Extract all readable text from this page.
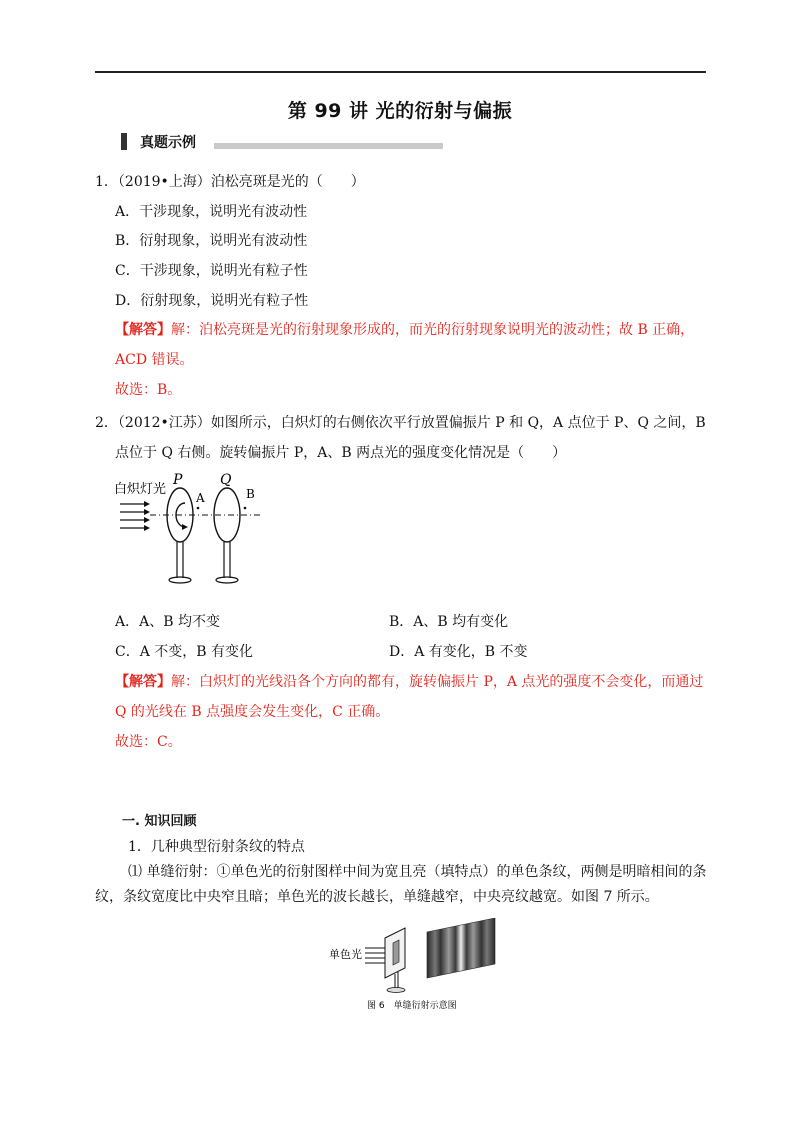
第 99 讲 光的衍射与偏振
真题示例
1．（2019•上海）泊松亮斑是光的（　　）
A．干涉现象，说明光有波动性
B．衍射现象，说明光有波动性
C．干涉现象，说明光有粒子性
D．衍射现象，说明光有粒子性
【解答】解：泊松亮斑是光的衍射现象形成的，而光的衍射现象说明光的波动性；故 B 正确，
ACD 错误。
故选：B。
2．（2012•江苏）如图所示，白炽灯的右侧依次平行放置偏振片 P 和 Q，A 点位于 P、Q 之间，B
点位于 Q 右侧。旋转偏振片 P，A、B 两点光的强度变化情况是（　　）
白炽灯光
P
A
Q
B
A．A、B 均不变	B．A、B 均有变化
C．A 不变，B 有变化	D．A 有变化，B 不变
【解答】解：白炽灯的光线沿各个方向的都有，旋转偏振片 P，A 点光的强度不会变化，而通过
Q 的光线在 B 点强度会发生变化，C 正确。
故选：C。
一. 知识回顾
1．几种典型衍射条纹的特点
⑴ 单缝衍射：①单色光的衍射图样中间为宽且亮（填特点）的单色条纹，两侧是明暗相间的条
纹，条纹宽度比中央窄且暗；单色光的波长越长，单缝越窄，中央亮纹越宽。如图 7 所示。
单色光
图 6　单缝衍射示意图
